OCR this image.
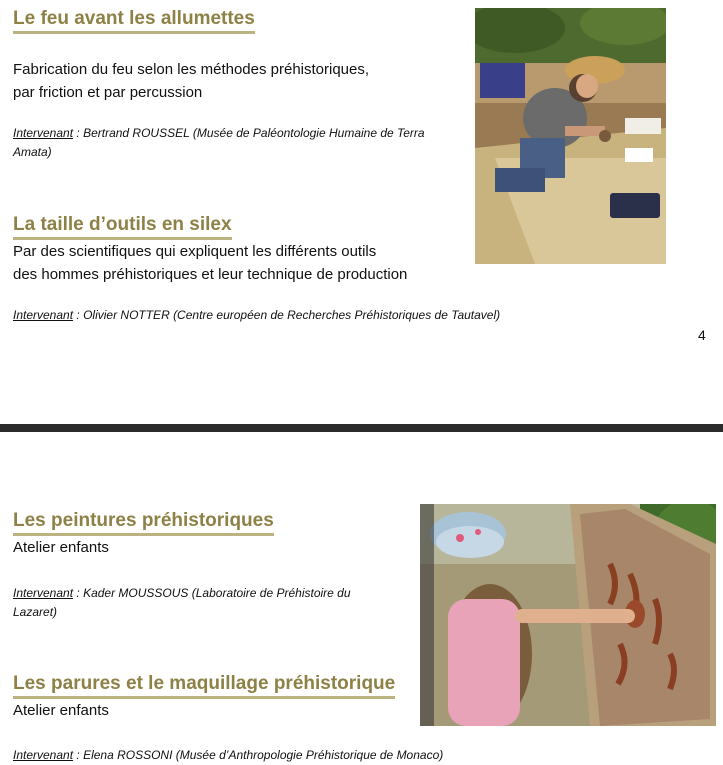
Le feu avant les allumettes

Fabrication du feu selon les méthodes préhistoriques,

par friction et par percussion

Intervenant : Bertrand ROUSSEL (Musée de Paléontologie Humaine de Terra Amata)

La taille d’outils en silex

Par des scientifiques qui expliquent les différents outils

des hommes préhistoriques et leur technique de production

Intervenant : Olivier NOTTER (Centre européen de Recherches Préhistoriques de Tautavel)

4
Les peintures préhistoriques

Atelier enfants

Intervenant : Kader MOUSSOUS (Laboratoire de Préhistoire du Lazaret)

Les parures et le maquillage préhistorique

Atelier enfants

Intervenant : Elena ROSSONI (Musée d’Anthropologie Préhistorique de Monaco)
